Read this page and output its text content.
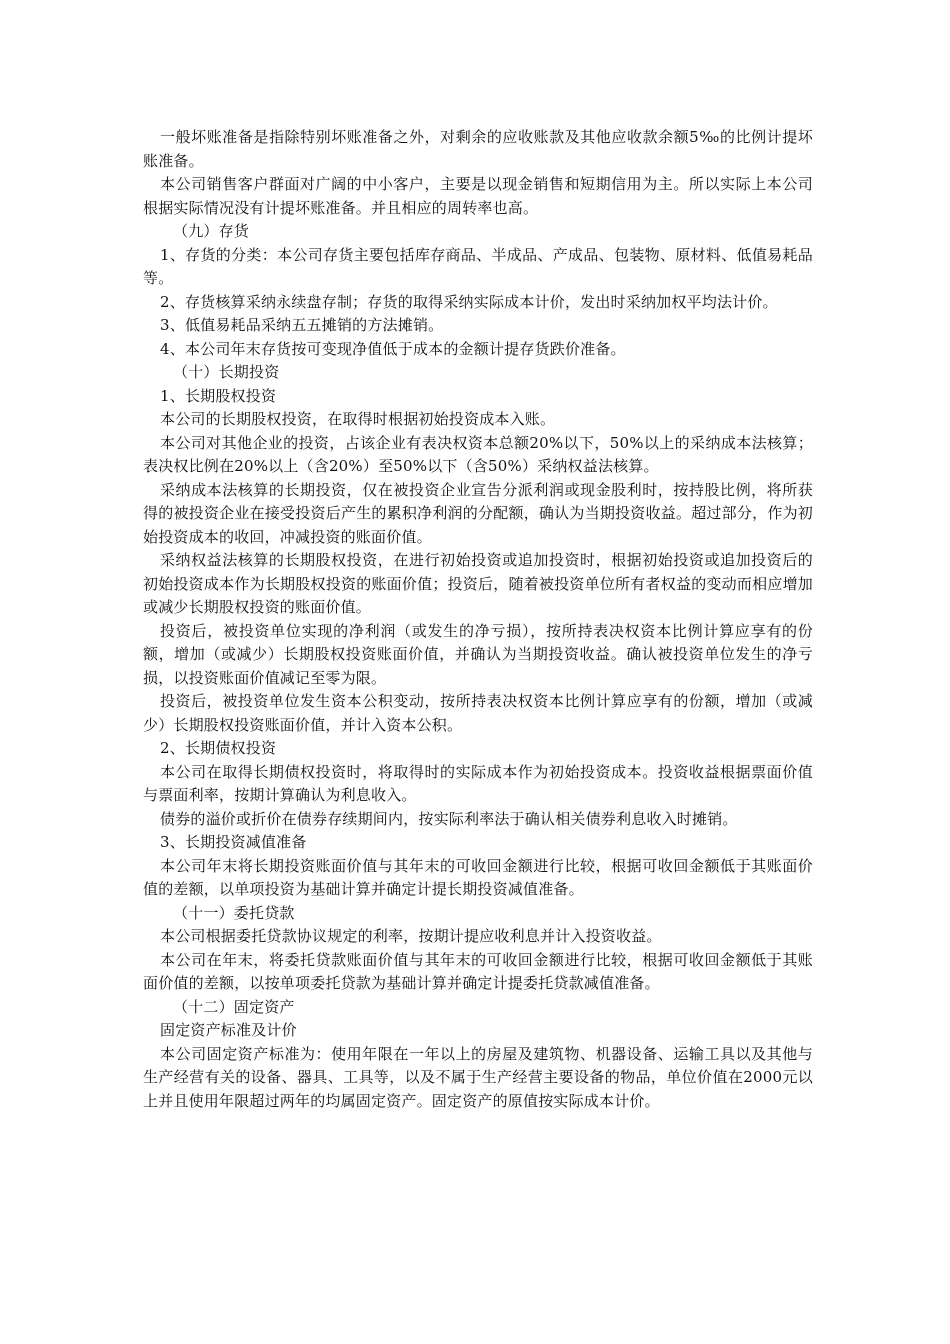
一般坏账准备是指除特别坏账准备之外，对剩余的应收账款及其他应收款余额5‰的比例计提坏账准备。

本公司销售客户群面对广阔的中小客户，主要是以现金销售和短期信用为主。所以实际上本公司根据实际情况没有计提坏账准备。并且相应的周转率也高。

（九）存货

1、存货的分类：本公司存货主要包括库存商品、半成品、产成品、包装物、原材料、低值易耗品等。

2、存货核算采纳永续盘存制；存货的取得采纳实际成本计价，发出时采纳加权平均法计价。

3、低值易耗品采纳五五摊销的方法摊销。

4、本公司年末存货按可变现净值低于成本的金额计提存货跌价准备。

（十）长期投资

1、长期股权投资

本公司的长期股权投资，在取得时根据初始投资成本入账。

本公司对其他企业的投资，占该企业有表决权资本总额20%以下，50%以上的采纳成本法核算；表决权比例在20%以上（含20%）至50%以下（含50%）采纳权益法核算。

采纳成本法核算的长期投资，仅在被投资企业宣告分派利润或现金股利时，按持股比例，将所获得的被投资企业在接受投资后产生的累积净利润的分配额，确认为当期投资收益。超过部分，作为初始投资成本的收回，冲减投资的账面价值。

采纳权益法核算的长期股权投资，在进行初始投资或追加投资时，根据初始投资或追加投资后的初始投资成本作为长期股权投资的账面价值；投资后，随着被投资单位所有者权益的变动而相应增加或减少长期股权投资的账面价值。

投资后，被投资单位实现的净利润（或发生的净亏损），按所持表决权资本比例计算应享有的份额，增加（或减少）长期股权投资账面价值，并确认为当期投资收益。确认被投资单位发生的净亏损，以投资账面价值减记至零为限。

投资后，被投资单位发生资本公积变动，按所持表决权资本比例计算应享有的份额，增加（或减少）长期股权投资账面价值，并计入资本公积。

2、长期债权投资

本公司在取得长期债权投资时，将取得时的实际成本作为初始投资成本。投资收益根据票面价值与票面利率，按期计算确认为利息收入。

债券的溢价或折价在债券存续期间内，按实际利率法于确认相关债券利息收入时摊销。

3、长期投资减值准备

本公司年末将长期投资账面价值与其年末的可收回金额进行比较，根据可收回金额低于其账面价值的差额，以单项投资为基础计算并确定计提长期投资减值准备。

（十一）委托贷款

本公司根据委托贷款协议规定的利率，按期计提应收利息并计入投资收益。

本公司在年末，将委托贷款账面价值与其年末的可收回金额进行比较，根据可收回金额低于其账面价值的差额，以按单项委托贷款为基础计算并确定计提委托贷款减值准备。

（十二）固定资产

固定资产标准及计价

本公司固定资产标准为：使用年限在一年以上的房屋及建筑物、机器设备、运输工具以及其他与生产经营有关的设备、器具、工具等，以及不属于生产经营主要设备的物品，单位价值在2000元以上并且使用年限超过两年的均属固定资产。固定资产的原值按实际成本计价。
